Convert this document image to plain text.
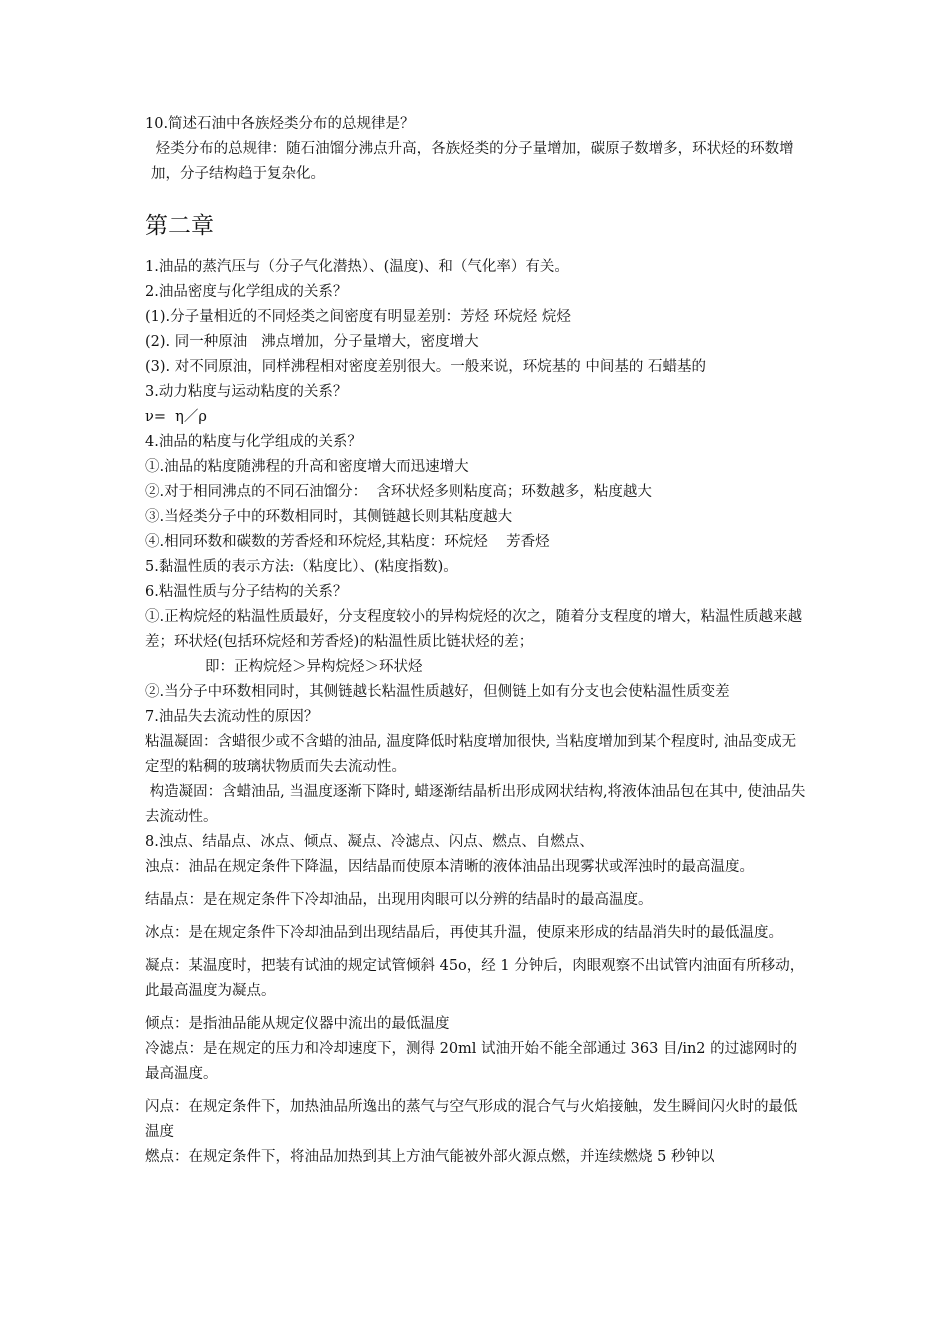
10.简述石油中各族烃类分布的总规律是？

烃类分布的总规律：随石油馏分沸点升高，各族烃类的分子量增加，碳原子数增多，环状烃的环数增加，分子结构趋于复杂化。

第二章

1.油品的蒸汽压与（分子气化潜热）、(温度)、和（气化率）有关。

2.油品密度与化学组成的关系？

(1).分子量相近的不同烃类之间密度有明显差别：芳烃 环烷烃 烷烃

(2). 同一种原油   沸点增加，分子量增大，密度增大

(3). 对不同原油，同样沸程相对密度差别很大。一般来说，环烷基的 中间基的 石蜡基的

3.动力粘度与运动粘度的关系？

ν=  η／ρ

4.油品的粘度与化学组成的关系？

①.油品的粘度随沸程的升高和密度增大而迅速增大

②.对于相同沸点的不同石油馏分：  含环状烃多则粘度高；环数越多，粘度越大

③.当烃类分子中的环数相同时，其侧链越长则其粘度越大

④.相同环数和碳数的芳香烃和环烷烃,其粘度：环烷烃    芳香烃

5.黏温性质的表示方法:（粘度比）、(粘度指数)。

6.粘温性质与分子结构的关系？

①.正构烷烃的粘温性质最好，分支程度较小的异构烷烃的次之，随着分支程度的增大，粘温性质越来越差；环状烃(包括环烷烃和芳香烃)的粘温性质比链状烃的差；

即：正构烷烃＞异构烷烃＞环状烃

②.当分子中环数相同时，其侧链越长粘温性质越好，但侧链上如有分支也会使粘温性质变差

7.油品失去流动性的原因？

粘温凝固：含蜡很少或不含蜡的油品, 温度降低时粘度增加很快, 当粘度增加到某个程度时, 油品变成无定型的粘稠的玻璃状物质而失去流动性。

构造凝固：含蜡油品, 当温度逐渐下降时, 蜡逐渐结晶析出形成网状结构,将液体油品包在其中, 使油品失去流动性。

8.浊点、结晶点、冰点、倾点、凝点、冷滤点、闪点、燃点、自燃点、

浊点：油品在规定条件下降温，因结晶而使原本清晰的液体油品出现雾状或浑浊时的最高温度。

结晶点：是在规定条件下冷却油品，出现用肉眼可以分辨的结晶时的最高温度。

冰点：是在规定条件下冷却油品到出现结晶后，再使其升温，使原来形成的结晶消失时的最低温度。

凝点：某温度时，把装有试油的规定试管倾斜 45o，经 1 分钟后，肉眼观察不出试管内油面有所移动，此最高温度为凝点。

倾点：是指油品能从规定仪器中流出的最低温度

冷滤点：是在规定的压力和冷却速度下，测得 20ml 试油开始不能全部通过 363 目/in2 的过滤网时的最高温度。

闪点：在规定条件下，加热油品所逸出的蒸气与空气形成的混合气与火焰接触，发生瞬间闪火时的最低温度

燃点：在规定条件下，将油品加热到其上方油气能被外部火源点燃，并连续燃烧 5 秒钟以
